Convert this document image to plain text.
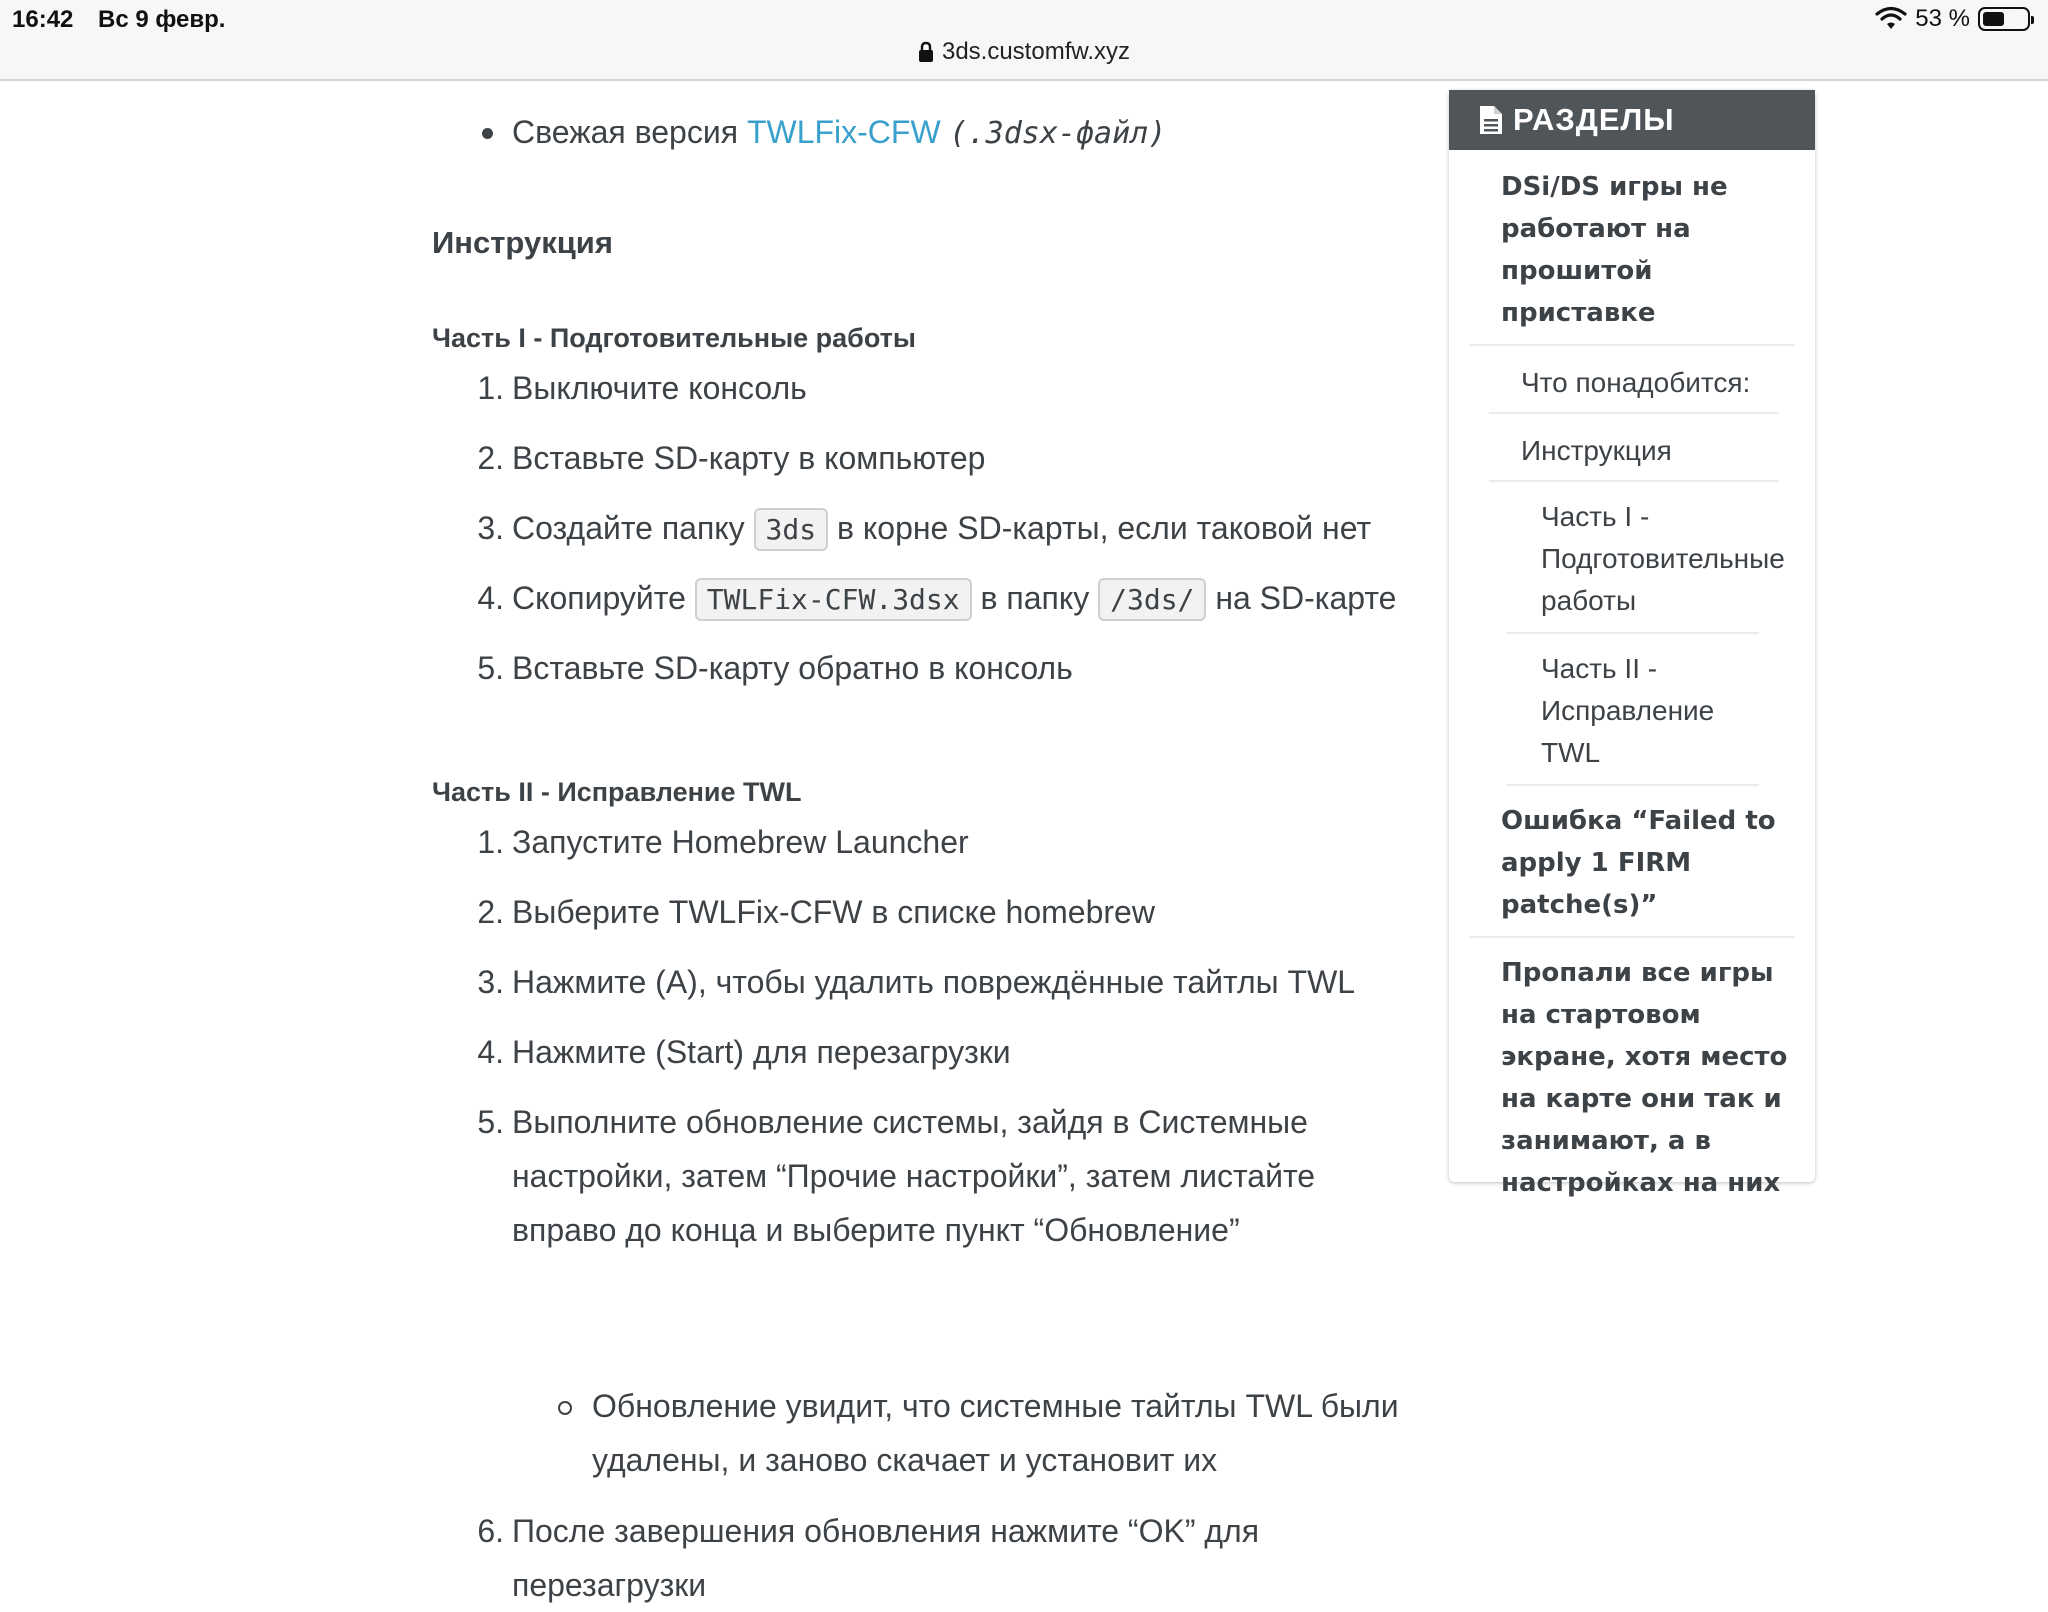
16:42 Вс 9 февр.	53 %
3ds.customfw.xyz
Свежая версия TWLFix-CFW (.3dsx-файл)
Инструкция
Часть I - Подготовительные работы
1. Выключите консоль
2. Вставьте SD-карту в компьютер
3. Создайте папку 3ds в корне SD-карты, если таковой нет
4. Скопируйте TWLFix-CFW.3dsx в папку /3ds/ на SD-карте
5. Вставьте SD-карту обратно в консоль
Часть II - Исправление TWL
1. Запустите Homebrew Launcher
2. Выберите TWLFix-CFW в списке homebrew
3. Нажмите (A), чтобы удалить повреждённые тайтлы TWL
4. Нажмите (Start) для перезагрузки
5. Выполните обновление системы, зайдя в Системные
настройки, затем “Прочие настройки”, затем листайте
вправо до конца и выберите пункт “Обновление”
Обновление увидит, что системные тайтлы TWL были
удалены, и заново скачает и установит их
6. После завершения обновления нажмите “OK” для
перезагрузки
РАЗДЕЛЫ
DSi/DS игры не
работают на
прошитой
приставке
Что понадобится:
Инструкция
Часть I -
Подготовительные
работы
Часть II -
Исправление
TWL
Ошибка “Failed to
apply 1 FIRM
patche(s)”
Пропали все игры
на стартовом
экране, хотя место
на карте они так и
занимают, а в
настройках на них
